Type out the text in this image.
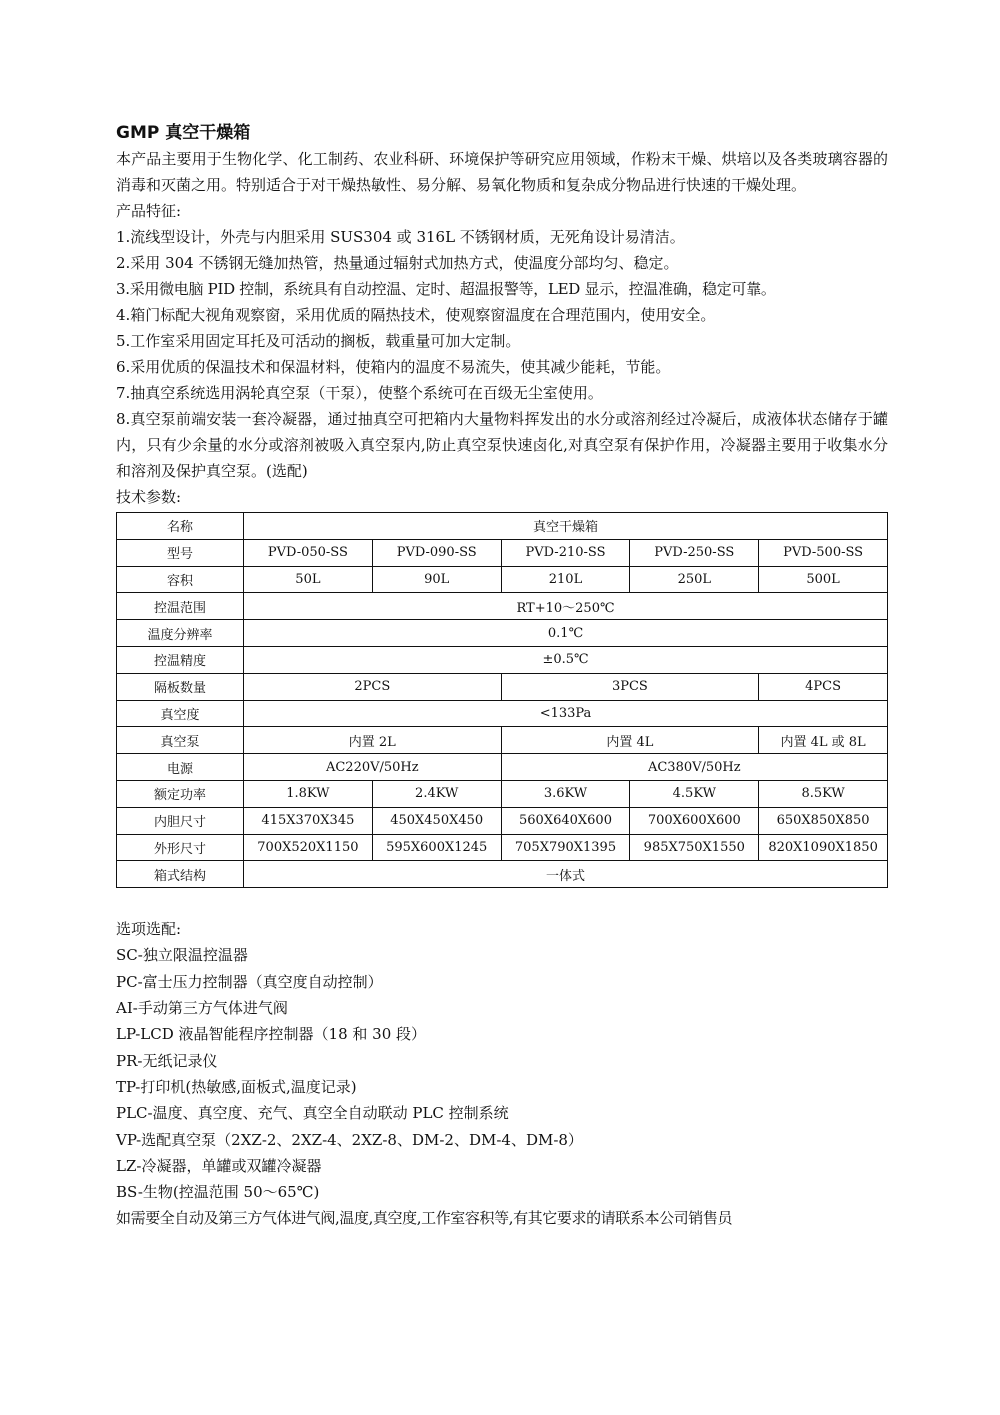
GMP 真空干燥箱

本产品主要用于生物化学、化工制药、农业科研、环境保护等研究应用领域，作粉末干燥、烘培以及各类玻璃容器的消毒和灭菌之用。特别适合于对干燥热敏性、易分解、易氧化物质和复杂成分物品进行快速的干燥处理。

产品特征:

1.流线型设计，外壳与内胆采用 SUS304 或 316L 不锈钢材质，无死角设计易清洁。

2.采用 304 不锈钢无缝加热管，热量通过辐射式加热方式，使温度分部均匀、稳定。

3.采用微电脑 PID 控制，系统具有自动控温、定时、超温报警等，LED 显示，控温准确，稳定可靠。

4.箱门标配大视角观察窗，采用优质的隔热技术，使观察窗温度在合理范围内，使用安全。

5.工作室采用固定耳托及可活动的搁板，载重量可加大定制。

6.采用优质的保温技术和保温材料，使箱内的温度不易流失，使其减少能耗，节能。

7.抽真空系统选用涡轮真空泵（干泵），使整个系统可在百级无尘室使用。

8.真空泵前端安装一套冷凝器，通过抽真空可把箱内大量物料挥发出的水分或溶剂经过冷凝后，成液体状态储存于罐内，只有少余量的水分或溶剂被吸入真空泵内,防止真空泵快速卤化,对真空泵有保护作用，冷凝器主要用于收集水分和溶剂及保护真空泵。(选配)

技术参数:

名称	真空干燥箱				
型号	PVD-050-SS	PVD-090-SS	PVD-210-SS	PVD-250-SS	PVD-500-SS
容积	50L	90L	210L	250L	500L
控温范围	RT+10～250℃				
温度分辨率	0.1℃				
控温精度	±0.5℃				
隔板数量	2PCS		3PCS		4PCS
真空度	<133Pa				
真空泵	内置 2L		内置 4L		内置 4L 或 8L
电源	AC220V/50Hz		AC380V/50Hz		
额定功率	1.8KW	2.4KW	3.6KW	4.5KW	8.5KW
内胆尺寸	415X370X345	450X450X450	560X640X600	700X600X600	650X850X850
外形尺寸	700X520X1150	595X600X1245	705X790X1395	985X750X1550	820X1090X1850
箱式结构	一体式				

选项选配:

SC-独立限温控温器

PC-富士压力控制器（真空度自动控制）

AI-手动第三方气体进气阀

LP-LCD 液晶智能程序控制器（18 和 30 段）

PR-无纸记录仪

TP-打印机(热敏感,面板式,温度记录)

PLC-温度、真空度、充气、真空全自动联动 PLC 控制系统

VP-选配真空泵（2XZ-2、2XZ-4、2XZ-8、DM-2、DM-4、DM-8）

LZ-冷凝器，单罐或双罐冷凝器

BS-生物(控温范围 50～65℃)

如需要全自动及第三方气体进气阀,温度,真空度,工作室容积等,有其它要求的请联系本公司销售员
